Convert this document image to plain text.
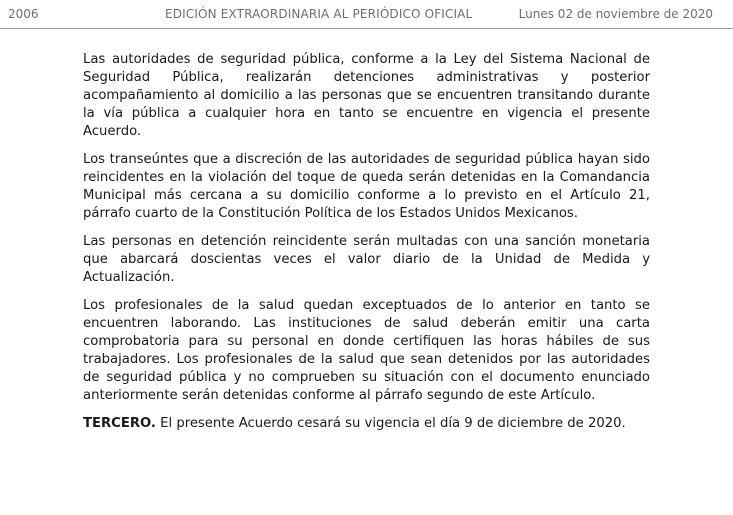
2006	EDICIÓN EXTRAORDINARIA AL PERIÓDICO OFICIAL	Lunes 02 de noviembre de 2020

Las autoridades de seguridad pública, conforme a la Ley del Sistema Nacional de Seguridad Pública, realizarán detenciones administrativas y posterior acompañamiento al domicilio a las personas que se encuentren transitando durante la vía pública a cualquier hora en tanto se encuentre en vigencia el presente Acuerdo.

Los transeúntes que a discreción de las autoridades de seguridad pública hayan sido reincidentes en la violación del toque de queda serán detenidas en la Comandancia Municipal más cercana a su domicilio conforme a lo previsto en el Artículo 21, párrafo cuarto de la Constitución Política de los Estados Unidos Mexicanos.

Las personas en detención reincidente serán multadas con una sanción monetaria que abarcará doscientas veces el valor diario de la Unidad de Medida y Actualización.

Los profesionales de la salud quedan exceptuados de lo anterior en tanto se encuentren laborando. Las instituciones de salud deberán emitir una carta comprobatoria para su personal en donde certifiquen las horas hábiles de sus trabajadores. Los profesionales de la salud que sean detenidos por las autoridades de seguridad pública y no comprueben su situación con el documento enunciado anteriormente serán detenidas conforme al párrafo segundo de este Artículo.

TERCERO. El presente Acuerdo cesará su vigencia el día 9 de diciembre de 2020.
